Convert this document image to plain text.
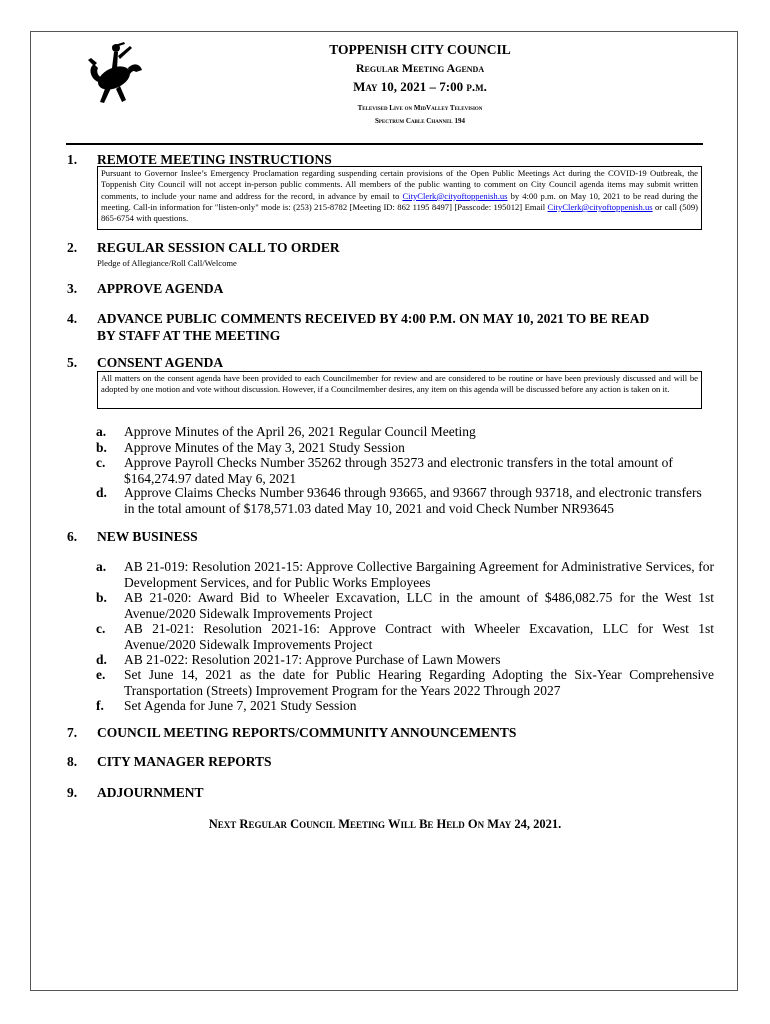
TOPPENISH CITY COUNCIL
Regular Meeting Agenda
May 10, 2021 – 7:00 p.m.
Televised Live on MidValley Television
Spectrum Cable Channel 194
1.	REMOTE MEETING INSTRUCTIONS
Pursuant to Governor Inslee’s Emergency Proclamation regarding suspending certain provisions of the Open Public Meetings Act during the COVID-19 Outbreak, the Toppenish City Council will not accept in-person public comments. All members of the public wanting to comment on City Council agenda items may submit written comments, to include your name and address for the record, in advance by email to CityClerk@cityoftoppenish.us by 4:00 p.m. on May 10, 2021 to be read during the meeting. Call-in information for "listen-only" mode is: (253) 215-8782 [Meeting ID: 862 1195 8497] [Passcode: 195012] Email CityClerk@cityoftoppenish.us or call (509) 865-6754 with questions.
2.	REGULAR SESSION CALL TO ORDER
Pledge of Allegiance/Roll Call/Welcome
3.	APPROVE AGENDA
4.	ADVANCE PUBLIC COMMENTS RECEIVED BY 4:00 P.M. ON MAY 10, 2021 TO BE READ
BY STAFF AT THE MEETING
5.	CONSENT AGENDA
All matters on the consent agenda have been provided to each Councilmember for review and are considered to be routine or have been previously discussed and will be adopted by one motion and vote without discussion. However, if a Councilmember desires, any item on this agenda will be discussed before any action is taken on it.
a.	Approve Minutes of the April 26, 2021 Regular Council Meeting
b.	Approve Minutes of the May 3, 2021 Study Session
c.	Approve Payroll Checks Number 35262 through 35273 and electronic transfers in the total amount of $164,274.97 dated May 6, 2021
d.	Approve Claims Checks Number 93646 through 93665, and 93667 through 93718, and electronic transfers in the total amount of $178,571.03 dated May 10, 2021 and void Check Number NR93645
6.	NEW BUSINESS
a.	AB 21-019: Resolution 2021-15: Approve Collective Bargaining Agreement for Administrative Services, for Development Services, and for Public Works Employees
b.	AB 21-020: Award Bid to Wheeler Excavation, LLC in the amount of $486,082.75 for the West 1st Avenue/2020 Sidewalk Improvements Project
c.	AB 21-021: Resolution 2021-16: Approve Contract with Wheeler Excavation, LLC for West 1st Avenue/2020 Sidewalk Improvements Project
d.	AB 21-022: Resolution 2021-17: Approve Purchase of Lawn Mowers
e.	Set June 14, 2021 as the date for Public Hearing Regarding Adopting the Six-Year Comprehensive Transportation (Streets) Improvement Program for the Years 2022 Through 2027
f.	Set Agenda for June 7, 2021 Study Session
7.	COUNCIL MEETING REPORTS/COMMUNITY ANNOUNCEMENTS
8.	CITY MANAGER REPORTS
9.	ADJOURNMENT
Next Regular Council Meeting Will Be Held On May 24, 2021.
